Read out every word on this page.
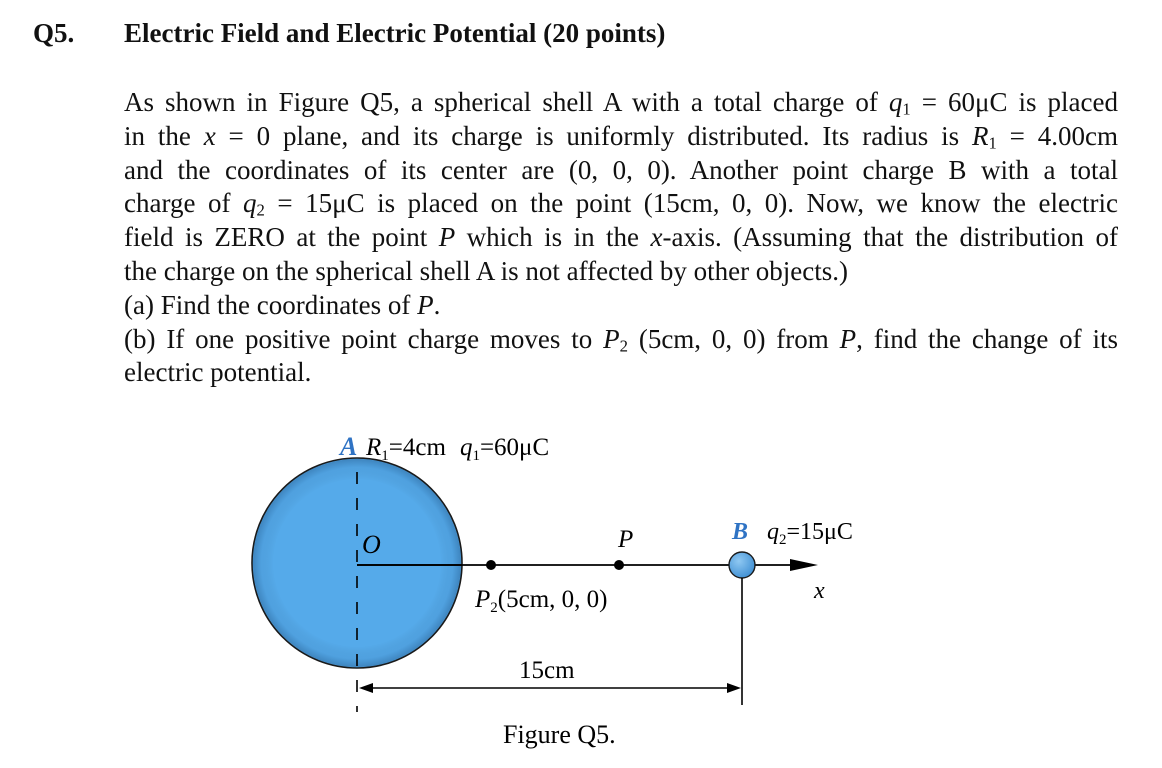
Q5. Electric Field and Electric Potential (20 points)
As shown in Figure Q5, a spherical shell A with a total charge of $q_1 = 60\mu C$ is placed
in the x = 0 plane, and its charge is uniformly distributed. Its radius is $R_1 = 4.00cm$
and the coordinates of its center are (0, 0, 0). Another point charge B with a total
charge of $q_2 = 15\mu C$ is placed on the point (15cm, 0, 0). Now, we know the electric
field is ZERO at the point P which is in the x-axis. (Assuming that the distribution of
the charge on the spherical shell A is not affected by other objects.)
(a) Find the coordinates of P.
(b) If one positive point charge moves to $P_2$ (5cm, 0, 0) from P, find the change of its
electric potential.
A $R_1=4cm$ $q_1=60\mu C$
O	P	B $q_2=15\mu C$
x
$P_2(5cm$, 0, 0)
15cm
Figure Q5.
